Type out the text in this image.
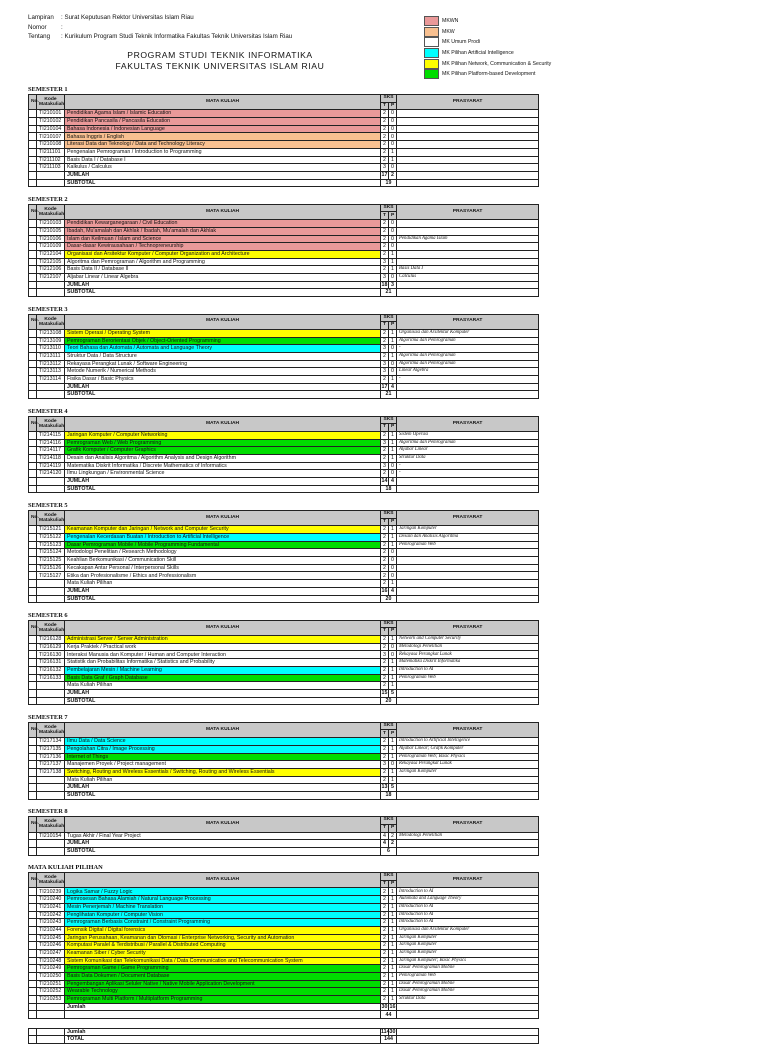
Lampiran	: Surat Keputusan Rektor Universitas Islam Riau
Nomor	:
Tentang	: Kurikulum Program Studi Teknik Informatika Fakultas Teknik Universitas Islam Riau
PROGRAM STUDI TEKNIK INFORMATIKA
FAKULTAS TEKNIK UNIVERSITAS ISLAM RIAU
MKWN
MKW
MK Umum Prodi
MK Pilihan Artificial Intelligence
MK Pilihan Network, Communication & Security
MK Pilihan Platform-based Development
SEMESTER 1
No.	Kode Matakuliah	MATA KULIAH	SKS		PRASYARAT
			T	P	
	TI210101	Pendidikan Agama Islam / Islamic Education	2	0	
	TI210102	Pendidikan Pancasila / Pancasila Education	2	0	
	TI210104	Bahasa Indonesia / Indonesian Language	2	0	
	TI210107	Bahasa Inggris / English	2	0	
	TI210108	Literasi Data dan Teknologi / Data and Technology Literacy	2	0	
	TI211101	Pengenalan Pemrograman / Introduction to Programming	2	1	
	TI211102	Basis Data I / Database I	2	1	
	TI211103	Kalkulus / Calculus	3	0	
		JUMLAH	17	2	
		SUBTOTAL	19		
SEMESTER 2
No.	Kode Matakuliah	MATA KULIAH	SKS		PRASYARAT
			T	P	
	TI210103	Pendidikan Kewarganegaraan / Civil Education	2	0	
	TI210105	Ibadah, Mu'amalah dan Akhlak / Ibadah, Mu'amalah dan Akhlak	2	0	
	TI210106	Islam dan Keilmuan / Islam and Science	2	0	Pendidikan Agama Islam
	TI210109	Dasar-dasar Kewirausahaan / Technopreneurship	2	0	
	TI212104	Organisasi dan Arsitektur Komputer / Computer Organization and Architecture	2	1	
	TI212105	Algoritma dan Pemrograman / Algorithm and Programming	3	1	
	TI212106	Basis Data II / Database II	2	1	Basis Data I
	TI212107	Aljabar Linear / Linear Algebra	3	0	Calculus
		JUMLAH	18	3	
		SUBTOTAL	21		
SEMESTER 3
No.	Kode Matakuliah	MATA KULIAH	SKS		PRASYARAT
			T	P	
	TI213108	Sistem Operasi / Operating System	2	1	Organisasi dan Arsitektur Komputer
	TI213109	Pemrograman Berorientasi Objek / Object-Oriented Programming	2	1	Algoritma dan Pemrograman
	TI213110	Teori Bahasa dan Automata / Automata and Language Theory	3	0	-
	TI213111	Struktur Data / Data Structure	2	1	Algoritma dan Pemrograman
	TI213112	Rekayasa Perangkat Lunak / Software Engineering	3	0	Algoritma dan Pemrograman
	TI213113	Metode Numerik / Numerical Methods	3	0	Linear Algebra
	TI213114	Fisika Dasar / Basic Physics	2	1	-
		JUMLAH	17	4	
		SUBTOTAL	21		
SEMESTER 4
No.	Kode Matakuliah	MATA KULIAH	SKS		PRASYARAT
			T	P	
	TI214115	Jaringan Komputer / Computer Networking	2	1	Sistem Operasi
	TI214116	Pemrograman Web / Web Programming	3	1	Algoritma dan Pemrograman
	TI214117	Grafik Komputer / Computer Graphics	2	1	Aljabar Linear
	TI214118	Desain dan Analisis Algoritma / Algorithm Analysis and Design Algorithm	2	1	Struktur Data
	TI214119	Matematika Diskrit Informatika / Discrete Mathematics of Informatics	3	0	-
	TI214120	Ilmu Lingkungan / Environmental Science	2	0	-
		JUMLAH	14	4	
		SUBTOTAL	18		
SEMESTER 5
No.	Kode Matakuliah	MATA KULIAH	SKS		PRASYARAT
			T	P	
	TI215121	Keamanan Komputer dan Jaringan / Network and Computer Security	2	1	Jaringan Komputer
	TI215122	Pengenalan Kecerdasan Buatan / Introduction to Artificial Intelligence	2	1	Desain dan Analisis Algoritma
	TI215123	Dasar Pemrograman Mobile / Mobile Programming Fundamental	2	1	Pemrograman Web
	TI215124	Metodologi Penelitian / Research Methodology	2	0	
	TI215125	Keahlian Berkomunikasi / Communication Skill	2	0	
	TI215126	Kecakapan Antar Personal / Interpersonal Skills	2	0	
	TI215127	Etika dan Profesionalisme / Ethics and Professionalism	2	0	
		Mata Kuliah Pilihan	2	1	
		JUMLAH	16	4	
		SUBTOTAL	20		
SEMESTER 6
No.	Kode Matakuliah	MATA KULIAH	SKS		PRASYARAT
			T	P	
	TI216128	Administrasi Server / Server Administration	2	1	Network and Computer Security
	TI216129	Kerja Praktek / Practical work	2	0	Metodologi Penelitian
	TI216130	Interaksi Manusia dan Komputer / Human and Computer Interaction	3	0	Rekayasa Perangkat Lunak
	TI216131	Statistik dan Probabilitas Informatika / Statistics and Probability	2	1	Matematika Diskrit Informatika
	TI216132	Pembelajaran Mesin / Machine Learning	2	1	Introduction to AI
	TI216133	Basis Data Graf / Graph Database	2	1	Pemrograman Web
		Mata Kuliah Pilihan	2	1	
		JUMLAH	15	5	
		SUBTOTAL	20		
SEMESTER 7
No.	Kode Matakuliah	MATA KULIAH	SKS		PRASYARAT
			T	P	
	TI217134	Ilmu Data / Data Science	2	1	Introduction to Artificial Intelligence
	TI217135	Pengolahan Citra / Image Processing	2	1	Aljabar Linear; Grafik Komputer
	TI217136	Internet of Things	2	1	Pemrograman Web; Basic Physics
	TI217137	Manajemen Proyek / Project management	3	0	Rekayasa Perangkat Lunak
	TI217138	Switching, Routing and Wireless Essentials / Switching, Routing and Wireless Essentials	2	1	Jaringan Komputer
		Mata Kuliah Pilihan	2	1	
		JUMLAH	13	5	
		SUBTOTAL	18		
SEMESTER 8
No.	Kode Matakuliah	MATA KULIAH	SKS		PRASYARAT
			T	P	
	TI210154	Tugas Akhir / Final Year Project	4	2	Metodologi Penelitian
		JUMLAH	4	2	
		SUBTOTAL	6		
MATA KULIAH PILIHAN
No.	Kode Matakuliah	MATA KULIAH	SKS		PRASYARAT
			T	P	
	TI210239	Logika Samar / Fuzzy Logic	2	1	Introduction to AI
	TI210240	Pemrosesan Bahasa Alamiah / Natural Language Processing	2	1	Automata and Language Theory
	TI210241	Mesin Penerjemah / Machine Translation	2	1	Introduction to AI
	TI210242	Penglihatan Komputer / Computer Vision	2	1	Introduction to AI
	TI210243	Pemrograman Berbasis Constraint / Constraint Programming	2	1	Introduction to AI
	TI210244	Forensik Digital / Digital forensics	2	1	Organisasi dan Arsitektur Komputer
	TI210245	Jaringan Perusahaan, Keamanan dan Otomasi / Enterprise Networking, Security and Automation	2	1	Jaringan Komputer
	TI210246	Komputasi Paralel & Terdistribusi / Parallel & Distributed Computing	2	1	Jaringan Komputer
	TI210247	Keamanan Siber / Cyber Security	2	1	Jaringan Komputer
	TI210248	Sistem Komunikasi dan Telekomunikasi Data / Data Communication and Telecommunication System	2	1	Jaringan Komputer; Basic Physics
	TI210249	Pemrograman Game / Game Programming	2	1	Dasar Pemrograman Mobile
	TI210250	Basis Data Dokumen / Document Database	2	1	Pemrograman Web
	TI210251	Pengembangan Aplikasi Seluler Native / Native Mobile Application Development	2	1	Dasar Pemrograman Mobile
	TI210252	Wearable Technology	2	1	Dasar Pemrograman Mobile
	TI210253	Pemrograman Multi Platform / Multiplatform Programming	2	1	Struktur Data
		Jumlah	30	16	
			44		
		Jumlah	114	30	
		TOTAL	144		
